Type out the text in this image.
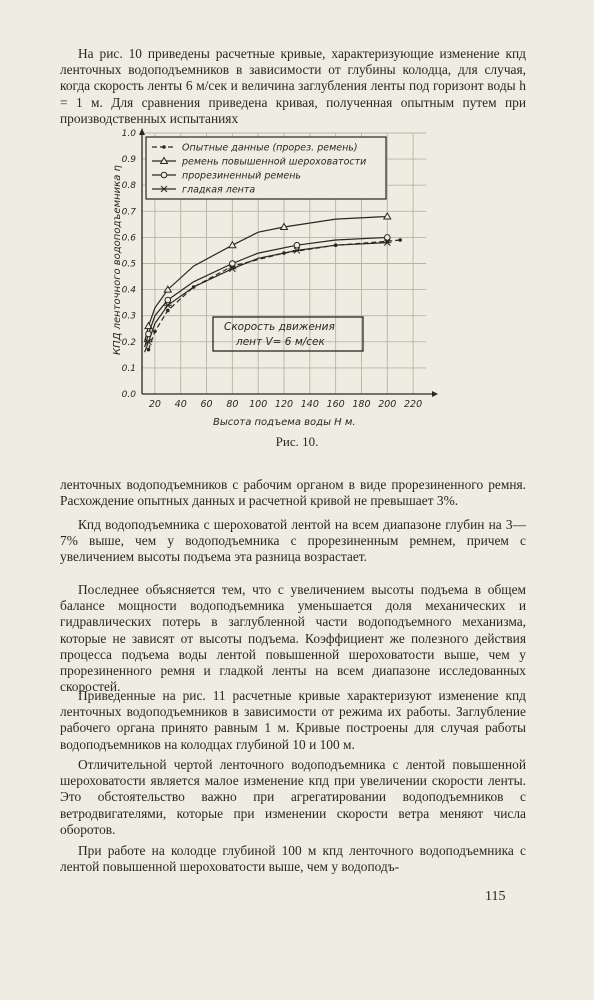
На рис. 10 приведены расчетные кривые, характеризующие изменение кпд ленточных водоподъемников в зависимости от глубины колодца, для случая, когда скорость ленты 6 м/сек и величина заглубления ленты под горизонт воды h = 1 м. Для сравнения приведена кривая, полученная опытным путем при производственных испытаниях

20 40 60 80 100 120 140 160 180 200 220
0.0
0.1
0.2
0.3
0.4
0.5
0.6
0.7
0.8
0.9
1.0
Опытные данные (прорез. ремень)
ремень повышенной шероховатости
прорезиненный ремень
гладкая лента
Скорость движения
лент V= 6 м/сек
Высота подъема воды H м.
КПД ленточного водоподъемника η
Рис. 10.

ленточных водоподъемников с рабочим органом в виде прорезиненного ремня. Расхождение опытных данных и расчетной кривой не превышает 3%.

Кпд водоподъемника с шероховатой лентой на всем диапазоне глубин на 3—7% выше, чем у водоподъемника с прорезиненным ремнем, причем с увеличением высоты подъема эта разница возрастает.

Последнее объясняется тем, что с увеличением высоты подъема в общем балансе мощности водоподъемника уменьшается доля механических и гидравлических потерь в заглубленной части водоподъемного механизма, которые не зависят от высоты подъема. Коэффициент же полезного действия процесса подъема воды лентой повышенной шероховатости выше, чем у прорезиненного ремня и гладкой ленты на всем диапазоне исследованных скоростей.

Приведенные на рис. 11 расчетные кривые характеризуют изменение кпд ленточных водоподъемников в зависимости от режима их работы. Заглубление рабочего органа принято равным 1 м. Кривые построены для случая работы водоподъемников на колодцах глубиной 10 и 100 м.

Отличительной чертой ленточного водоподъемника с лентой повышенной шероховатости является малое изменение кпд при увеличении скорости ленты. Это обстоятельство важно при агрегатировании водоподъемников с ветродвигателями, которые при изменении скорости ветра меняют числа оборотов.

При работе на колодце глубиной 100 м кпд ленточного водоподъемника с лентой повышенной шероховатости выше, чем у водоподъ-

115
